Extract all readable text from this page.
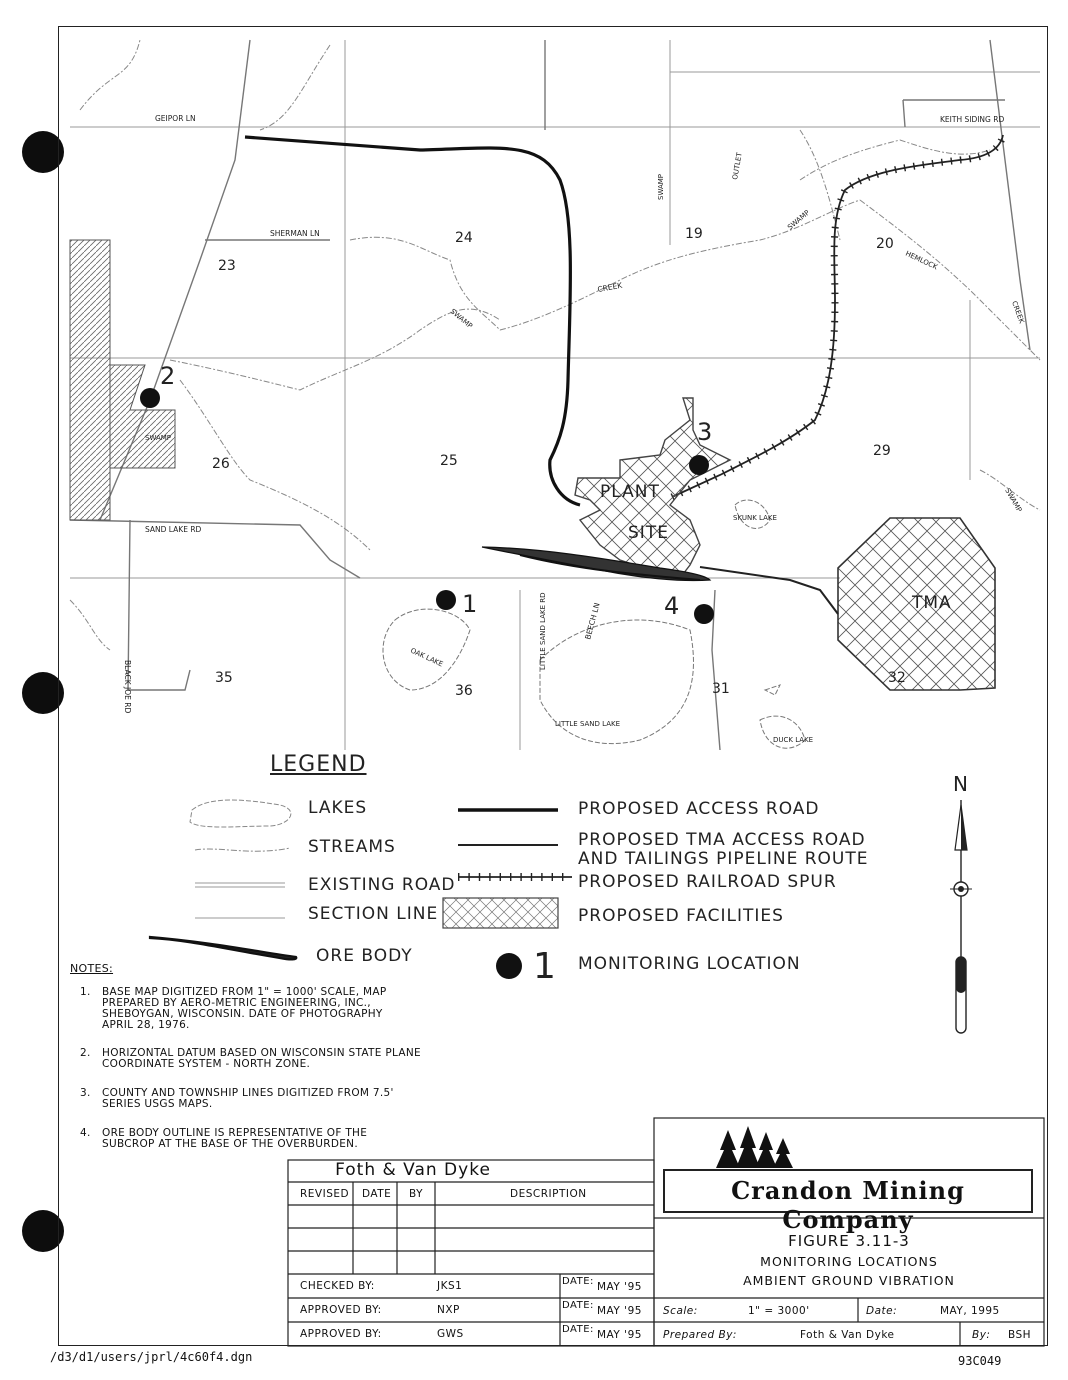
GEIPOR LN
SHERMAN LN
SAND LAKE RD
BLACK JOE RD
KEITH SIDING RD
BEECH LN
LITTLE SAND LAKE RD
SWAMP
SWAMP
CREEK
SWAMP
OUTLET
SWAMP
HEMLOCK
CREEK
SWAMP
OAK LAKE
SKUNK LAKE
LITTLE SAND LAKE
DUCK LAKE
24
23
19
20
25
26
29
35
36	31
32
PLANT
SITE
TMA
1
2
3
4
LEGEND
N
LAKES
STREAMS
EXISTING ROAD
SECTION LINE
ORE BODY
PROPOSED ACCESS ROAD
PROPOSED TMA ACCESS ROAD
AND TAILINGS PIPELINE ROUTE
PROPOSED RAILROAD SPUR
PROPOSED FACILITIES
1 MONITORING LOCATION
NOTES:
1. BASE MAP DIGITIZED FROM 1" = 1000' SCALE, MAP PREPARED BY AERO-METRIC ENGINEERING, INC., SHEBOYGAN, WISCONSIN. DATE OF PHOTOGRAPHY APRIL 28, 1976.
2. HORIZONTAL DATUM BASED ON WISCONSIN STATE PLANE COORDINATE SYSTEM - NORTH ZONE.
3. COUNTY AND TOWNSHIP LINES DIGITIZED FROM 7.5' SERIES USGS MAPS.
4. ORE BODY OUTLINE IS REPRESENTATIVE OF THE SUBCROP AT THE BASE OF THE OVERBURDEN.
Foth & Van Dyke
REVISED DATE BY	DESCRIPTION
CHECKED BY:	JKS1	DATE: MAY '95
APPROVED BY:	NXP	DATE: MAY '95
APPROVED BY:	GWS	DATE: MAY '95
Crandon Mining Company
FIGURE 3.11-3
MONITORING LOCATIONS
AMBIENT GROUND VIBRATION
Scale:	1" = 3000'	Date:	MAY, 1995
Prepared By:	Foth & Van Dyke	By: BSH
/d3/d1/users/jprl/4c60f4.dgn	93C049
